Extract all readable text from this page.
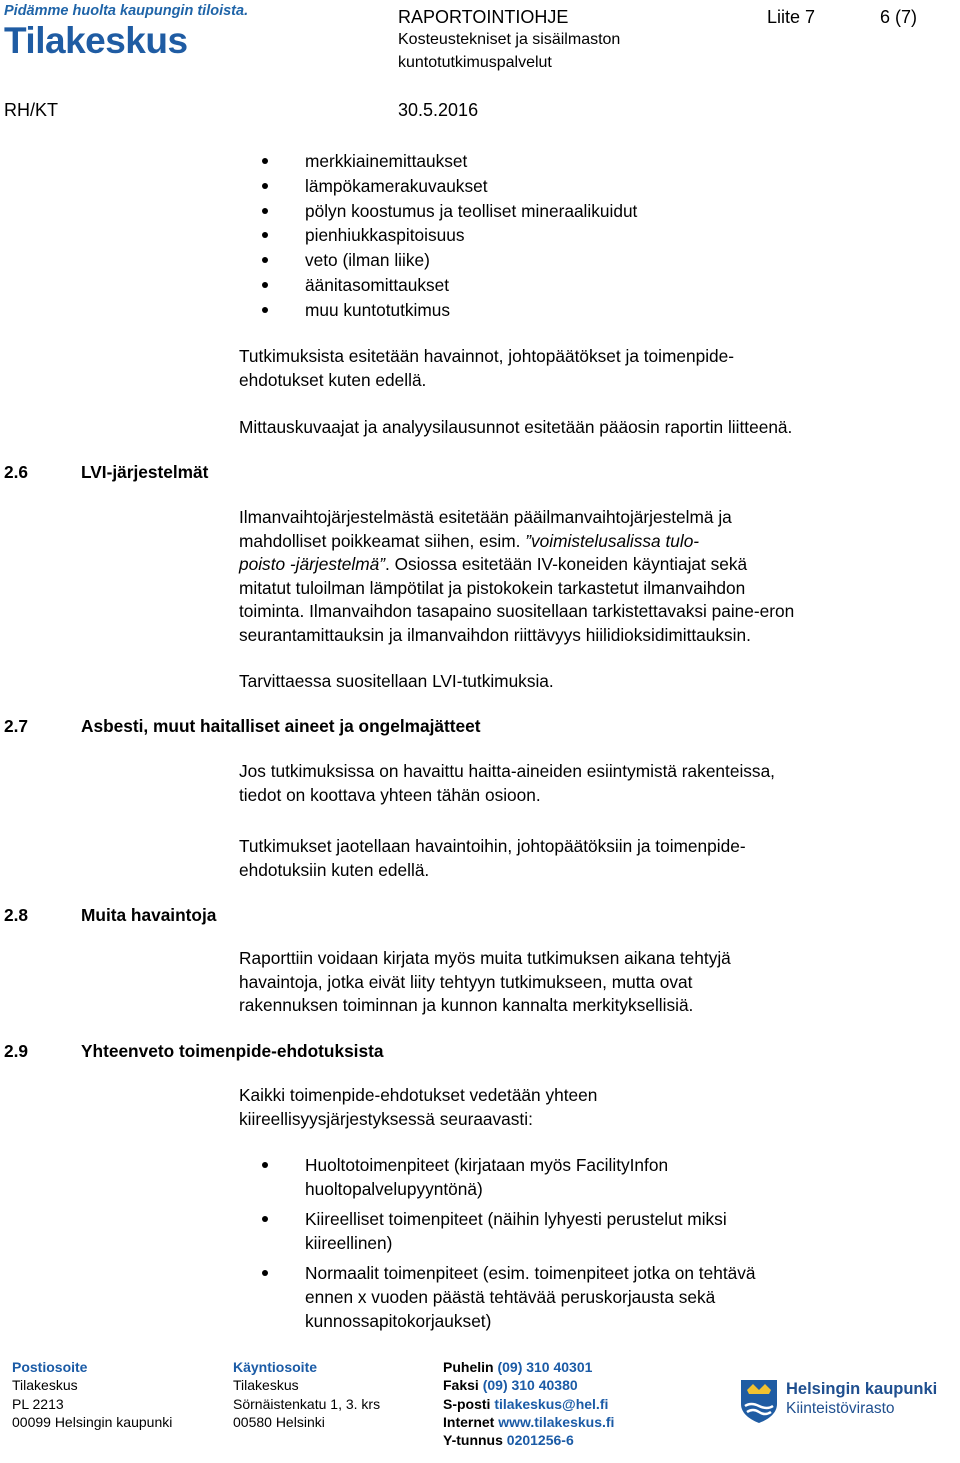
Pidämme huolta kaupungin tiloista.
Tilakeskus
RAPORTOINTIOHJE	Liite 7	6 (7)
Kosteustekniset ja sisäilmaston
kuntotutkimuspalvelut
RH/KT	30.5.2016
merkkiainemittaukset
lämpökamerakuvaukset
pölyn koostumus ja teolliset mineraalikuidut
pienhiukkaspitoisuus
veto (ilman liike)
äänitasomittaukset
muu kuntotutkimus

Tutkimuksista esitetään havainnot, johtopäätökset ja toimenpide-

ehdotukset kuten edellä.

Mittauskuvaajat ja analyysilausunnot esitetään pääosin raportin liitteenä.

2.6	LVI-järjestelmät

Ilmanvaihtojärjestelmästä esitetään pääilmanvaihtojärjestelmä ja

mahdolliset poikkeamat siihen, esim. ”voimistelusalissa tulo-

poisto -järjestelmä”. Osiossa esitetään IV-koneiden käyntiajat sekä

mitatut tuloilman lämpötilat ja pistokokein tarkastetut ilmanvaihdon

toiminta. Ilmanvaihdon tasapaino suositellaan tarkistettavaksi paine-eron

seurantamittauksin ja ilmanvaihdon riittävyys hiilidioksidimittauksin.

Tarvittaessa suositellaan LVI-tutkimuksia.

2.7	Asbesti, muut haitalliset aineet ja ongelmajätteet

Jos tutkimuksissa on havaittu haitta-aineiden esiintymistä rakenteissa,

tiedot on koottava yhteen tähän osioon.

Tutkimukset jaotellaan havaintoihin, johtopäätöksiin ja toimenpide-

ehdotuksiin kuten edellä.

2.8	Muita havaintoja

Raporttiin voidaan kirjata myös muita tutkimuksen aikana tehtyjä

havaintoja, jotka eivät liity tehtyyn tutkimukseen, mutta ovat

rakennuksen toiminnan ja kunnon kannalta merkityksellisiä.

2.9	Yhteenveto toimenpide-ehdotuksista

Kaikki toimenpide-ehdotukset vedetään yhteen

kiireellisyysjärjestyksessä seuraavasti:

Huoltotoimenpiteet (kirjataan myös FacilityInfon
huoltopalvelupyyntönä)
Kiireelliset toimenpiteet (näihin lyhyesti perustelut miksi
kiireellinen)
Normaalit toimenpiteet (esim. toimenpiteet jotka on tehtävä
ennen x vuoden päästä tehtävää peruskorjausta sekä
kunnossapitokorjaukset)
Postiosoite
Tilakeskus
PL 2213
00099 Helsingin kaupunki
Käyntiosoite
Tilakeskus
Sörnäistenkatu 1, 3. krs
00580 Helsinki
Puhelin (09) 310 40301
Faksi (09) 310 40380
S-posti tilakeskus@hel.fi
Internet www.tilakeskus.fi
Y-tunnus 0201256-6
Helsingin kaupunki
Kiinteistövirasto
